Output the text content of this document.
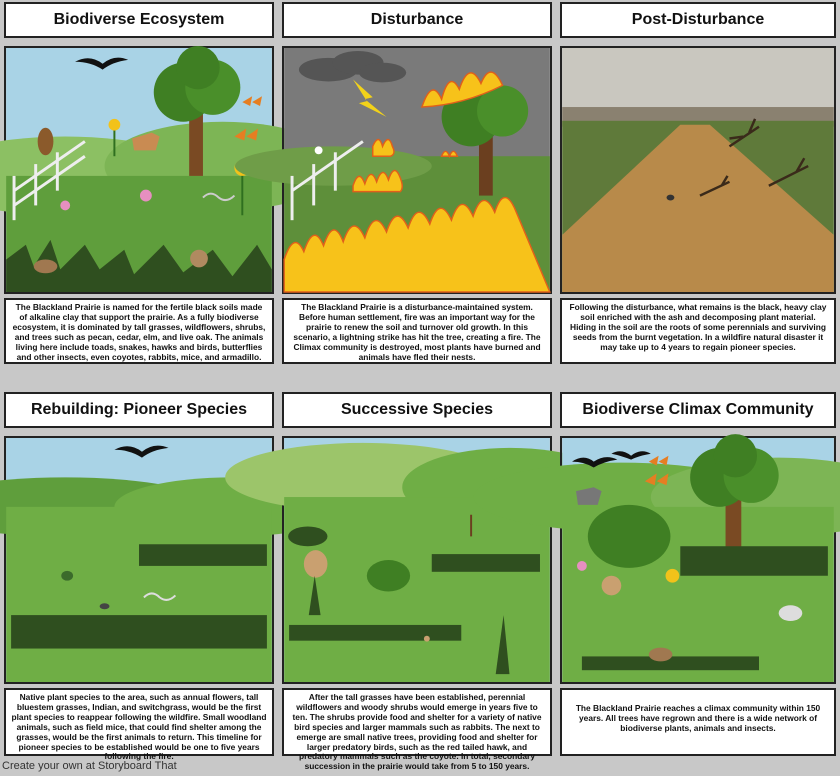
Biodiverse Ecosystem
The Blackland Prairie is named for the fertile black soils made of alkaline clay that support the prairie. As a fully biodiverse ecosystem, it is dominated by tall grasses, wildflowers, shrubs, and trees such as pecan, cedar, elm, and live oak. The animals living here include toads, snakes, hawks and birds, butterflies and other insects, even coyotes, rabbits, mice, and armadillo.
Disturbance
The Blackland Prairie is a disturbance-maintained system. Before human settlement, fire was an important way for the prairie to renew the soil and turnover old growth. In this scenario, a lightning strike has hit the tree, creating a fire. The Climax community is destroyed, most plants have burned and animals have fled their nests.
Post-Disturbance
Following the disturbance, what remains is the black, heavy clay soil enriched with the ash and decomposing plant material. Hiding in the soil are the roots of some perennials and surviving seeds from the burnt vegetation. In a wildfire natural disaster it may take up to 4 years to regain pioneer species.
Rebuilding: Pioneer Species
Native plant species to the area, such as annual flowers, tall bluestem grasses, Indian, and switchgrass, would be the first plant species to reappear following the wildfire. Small woodland animals, such as field mice, that could find shelter among the grasses, would be the first animals to return. This timeline for pioneer species to be established would be one to five years following the fire.
Successive Species
After the tall grasses have been established, perennial wildflowers and woody shrubs would emerge in years five to ten. The shrubs provide food and shelter for a variety of native bird species and larger mammals such as rabbits. The next to emerge are small native trees, providing food and shelter for larger predatory birds, such as the red tailed hawk, and predatory mammals such as the coyote. In total, secondary succession in the prairie would take from 5 to 150 years.
Biodiverse Climax Community
The Blackland Prairie reaches a climax community within 150 years. All trees have regrown and there is a wide network of biodiverse plants, animals and insects.
Create your own at Storyboard That
